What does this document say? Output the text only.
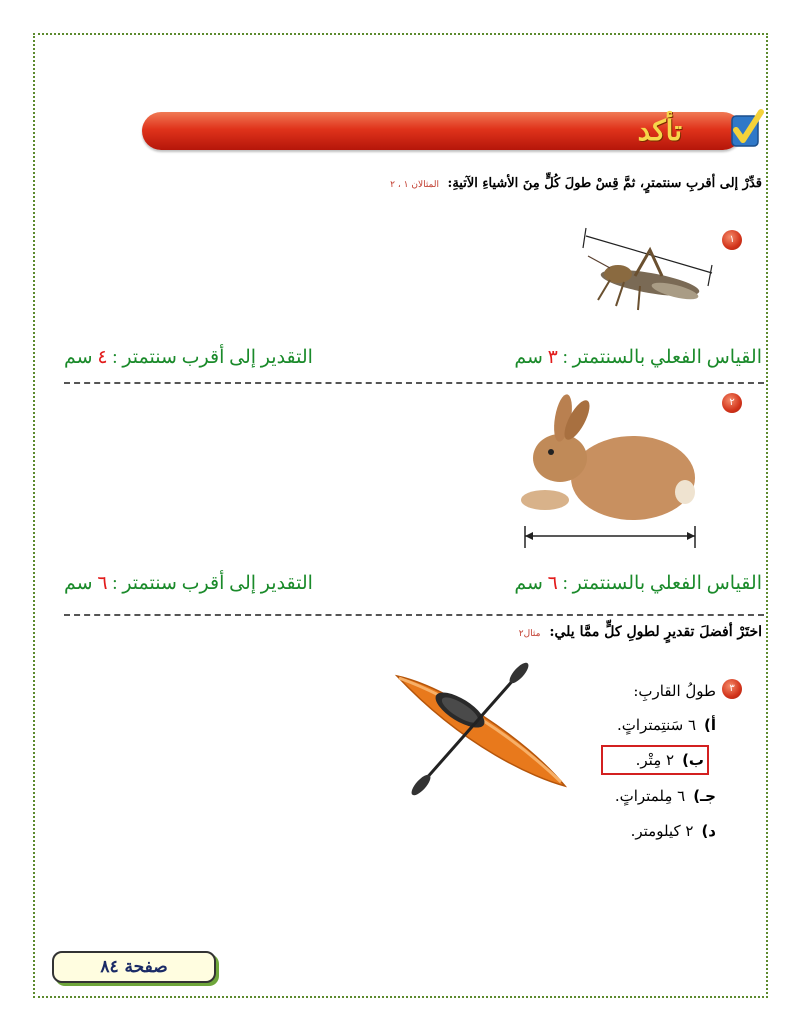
تأكد
قدِّرْ إلى أقربِ سنتمترٍ، ثمَّ قِسْ طولَ كُلٍّ مِنَ الأشياءِ الآتيةِ: المثالان ١ ، ٢
١
القياس الفعلي بالسنتمتر : ٣ سم
التقدير إلى أقرب سنتمتر : ٤ سم
٢
القياس الفعلي بالسنتمتر : ٦ سم
التقدير إلى أقرب سنتمتر : ٦ سم
اختَرْ أفضلَ تقديرٍ لطولِ كلٍّ ممَّا يلي: مثال٢
٣
طولُ القاربِ:
أ)٦ سَنتِمتراتٍ.
ب)٢ مِتْر.
جـ)٦ مِلمتراتٍ.
د)٢ كيلومتر.
صفحة ٨٤
